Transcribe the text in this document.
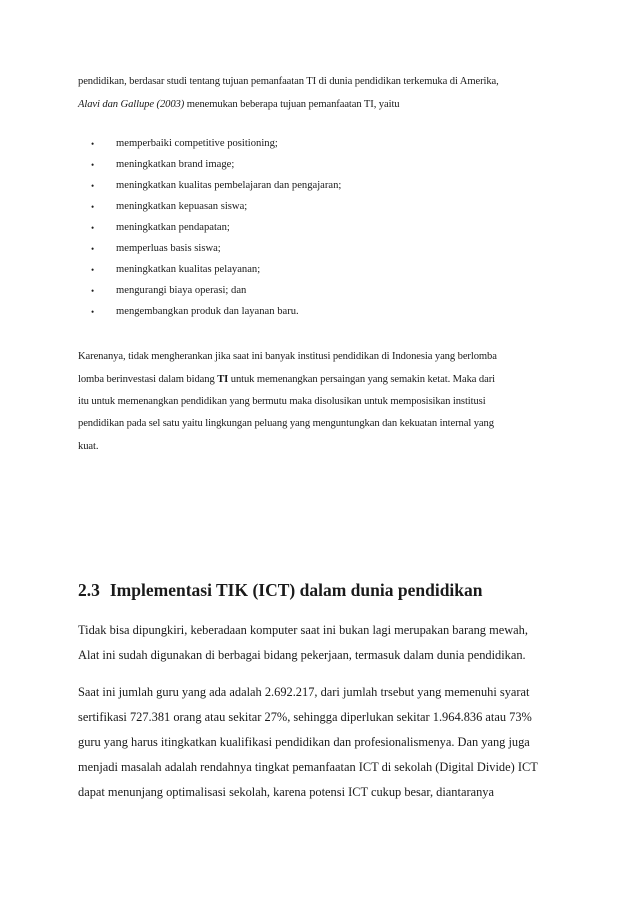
pendidikan, berdasar studi tentang tujuan pemanfaatan TI di dunia pendidikan terkemuka di Amerika,
Alavi dan Gallupe (2003) menemukan beberapa tujuan pemanfaatan TI, yaitu
• memperbaiki competitive positioning;
• meningkatkan brand image;
• meningkatkan kualitas pembelajaran dan pengajaran;
• meningkatkan kepuasan siswa;
• meningkatkan pendapatan;
• memperluas basis siswa;
• meningkatkan kualitas pelayanan;
• mengurangi biaya operasi; dan
• mengembangkan produk dan layanan baru.
Karenanya, tidak mengherankan jika saat ini banyak institusi pendidikan di Indonesia yang berlomba
lomba berinvestasi dalam bidang TI untuk memenangkan persaingan yang semakin ketat. Maka dari
itu untuk memenangkan pendidikan yang bermutu maka disolusikan untuk memposisikan institusi
pendidikan pada sel satu yaitu lingkungan peluang yang menguntungkan dan kekuatan internal yang
kuat.
2.3 Implementasi TIK (ICT) dalam dunia pendidikan
Tidak bisa dipungkiri, keberadaan komputer saat ini bukan lagi merupakan barang mewah,
Alat ini sudah digunakan di berbagai bidang pekerjaan, termasuk dalam dunia pendidikan.
Saat ini jumlah guru yang ada adalah 2.692.217, dari jumlah trsebut yang memenuhi syarat
sertifikasi 727.381 orang atau sekitar 27%, sehingga diperlukan sekitar 1.964.836 atau 73%
guru yang harus itingkatkan kualifikasi pendidikan dan profesionalismenya. Dan yang juga
menjadi masalah adalah rendahnya tingkat pemanfaatan ICT di sekolah (Digital Divide) ICT
dapat menunjang optimalisasi sekolah, karena potensi ICT cukup besar, diantaranya
